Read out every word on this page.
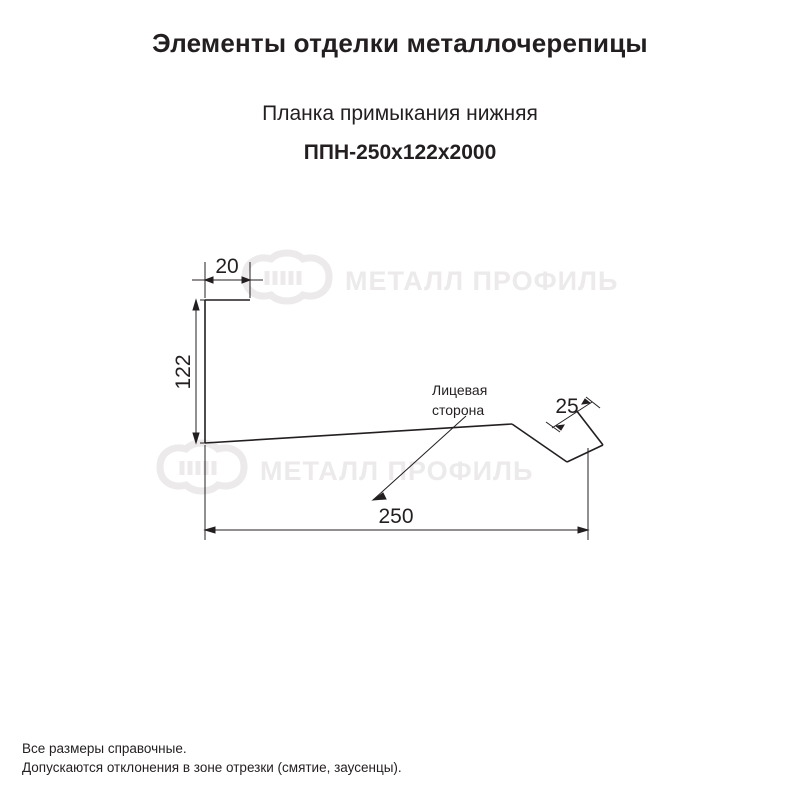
Элементы отделки металлочерепицы
Планка примыкания нижняя
ППН-250x122x2000
МЕТАЛЛ ПРОФИЛЬ
МЕТАЛЛ ПРОФИЛЬ
20
122
250
25
Лицевая
сторона
Все размеры справочные.
Допускаются отклонения в зоне отрезки (смятие, заусенцы).
